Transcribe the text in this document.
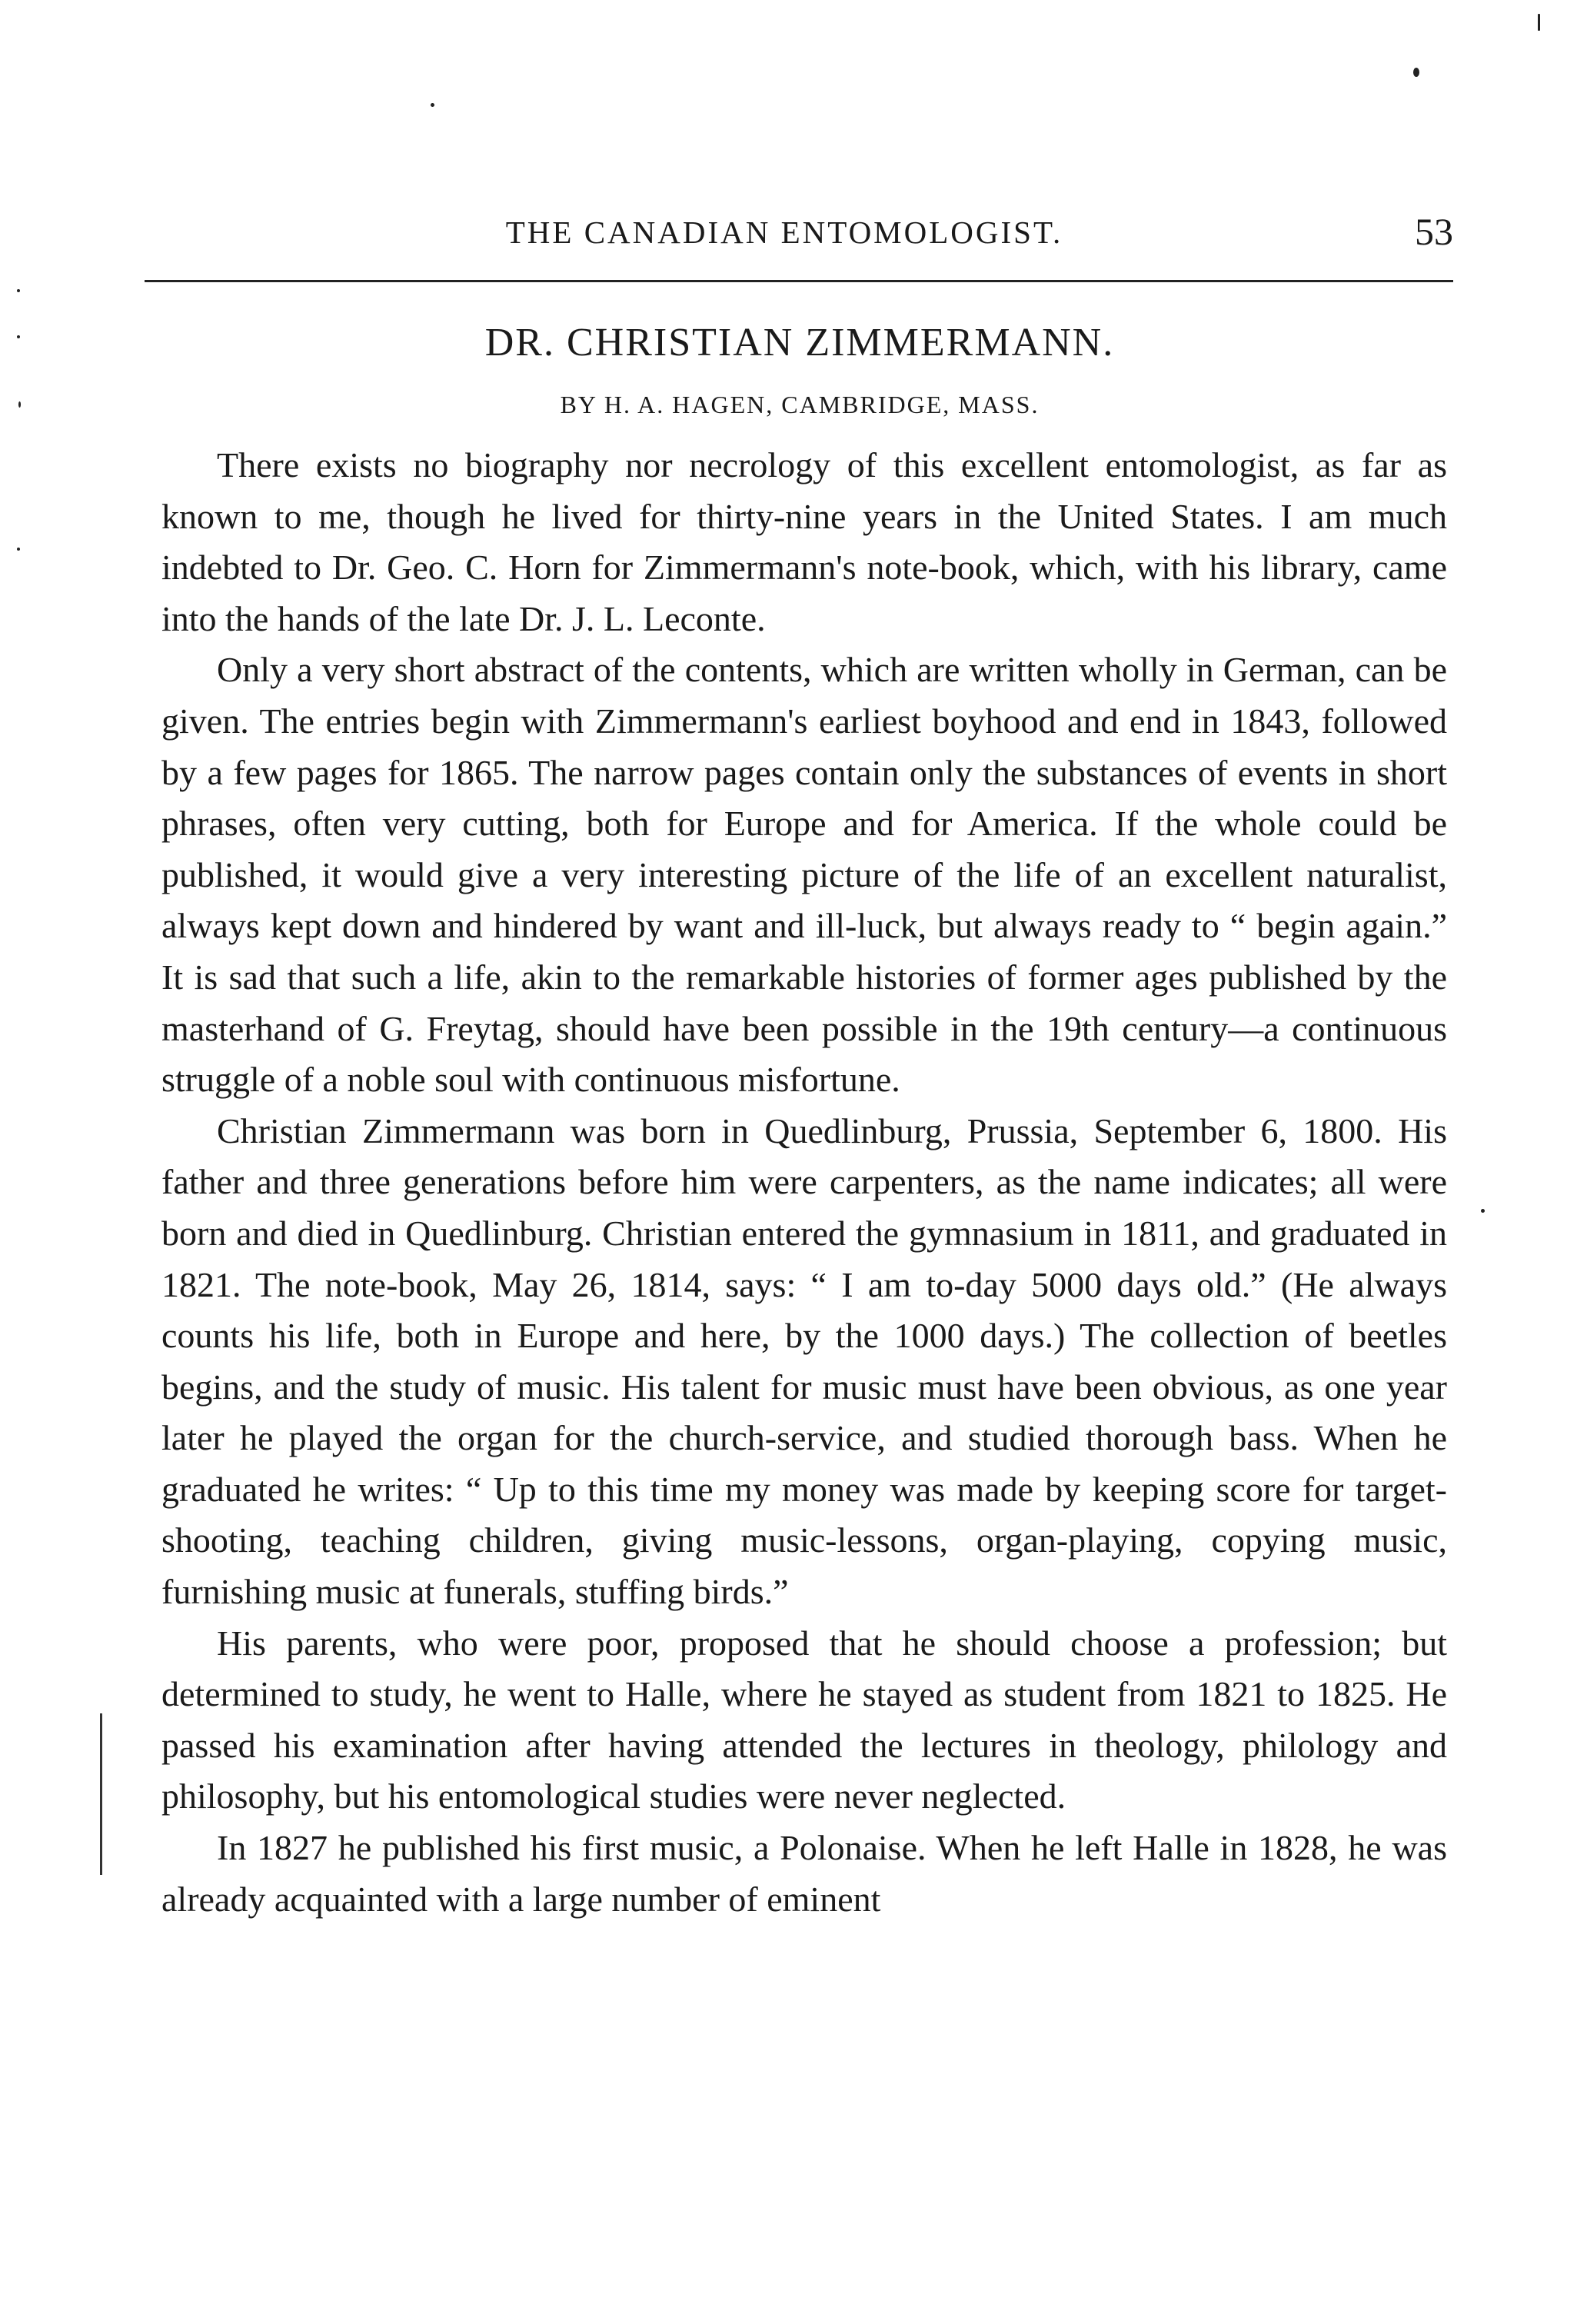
THE CANADIAN ENTOMOLOGIST.	53
DR. CHRISTIAN ZIMMERMANN.
BY H. A. HAGEN, CAMBRIDGE, MASS.

There exists no biography nor necrology of this excellent entomologist, as far as known to me, though he lived for thirty-nine years in the United States. I am much indebted to Dr. Geo. C. Horn for Zimmermann's note-book, which, with his library, came into the hands of the late Dr. J. L. Leconte.

Only a very short abstract of the contents, which are written wholly in German, can be given. The entries begin with Zimmermann's earliest boyhood and end in 1843, followed by a few pages for 1865. The narrow pages contain only the substances of events in short phrases, often very cutting, both for Europe and for America. If the whole could be published, it would give a very interesting picture of the life of an excellent naturalist, always kept down and hindered by want and ill-luck, but always ready to “ begin again.” It is sad that such a life, akin to the remarkable histories of former ages published by the masterhand of G. Freytag, should have been possible in the 19th century—a continuous struggle of a noble soul with continuous misfortune.

Christian Zimmermann was born in Quedlinburg, Prussia, September 6, 1800. His father and three generations before him were carpenters, as the name indicates; all were born and died in Quedlinburg. Christian entered the gymnasium in 1811, and graduated in 1821. The note-book, May 26, 1814, says: “ I am to-day 5000 days old.” (He always counts his life, both in Europe and here, by the 1000 days.) The collection of beetles begins, and the study of music. His talent for music must have been obvious, as one year later he played the organ for the church-service, and studied thorough bass. When he graduated he writes: “ Up to this time my money was made by keeping score for target-shooting, teaching children, giving music-lessons, organ-playing, copying music, furnishing music at funerals, stuffing birds.”

His parents, who were poor, proposed that he should choose a profession; but determined to study, he went to Halle, where he stayed as student from 1821 to 1825. He passed his examination after having attended the lectures in theology, philology and philosophy, but his entomological studies were never neglected.

In 1827 he published his first music, a Polonaise. When he left Halle in 1828, he was already acquainted with a large number of eminent
